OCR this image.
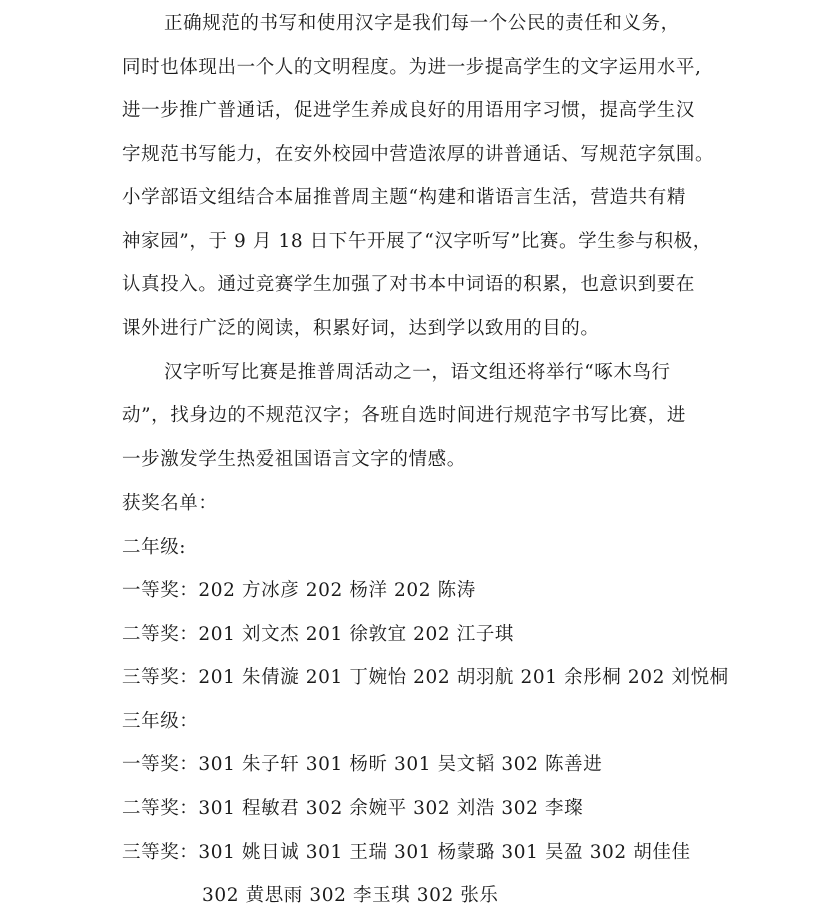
正确规范的书写和使用汉字是我们每一个公民的责任和义务，
同时也体现出一个人的文明程度。为进一步提高学生的文字运用水平,
进一步推广普通话，促进学生养成良好的用语用字习惯，提高学生汉
字规范书写能力，在安外校园中营造浓厚的讲普通话、写规范字氛围。
小学部语文组结合本届推普周主题“构建和谐语言生活，营造共有精
神家园”，于 9 月 18 日下午开展了“汉字听写”比赛。学生参与积极，
认真投入。通过竞赛学生加强了对书本中词语的积累，也意识到要在
课外进行广泛的阅读，积累好词，达到学以致用的目的。
汉字听写比赛是推普周活动之一，语文组还将举行“啄木鸟行
动”，找身边的不规范汉字；各班自选时间进行规范字书写比赛，进
一步激发学生热爱祖国语言文字的情感。
获奖名单：
二年级:
一等奖：202 方冰彦 202 杨洋 202 陈涛
二等奖：201 刘文杰 201 徐敦宜 202 江子琪
三等奖：201 朱倩漩 201 丁婉怡 202 胡羽航 201 余彤桐 202 刘悦桐
三年级：
一等奖：301 朱子轩 301 杨昕 301 吴文韬 302 陈善进
二等奖：301 程敏君 302 余婉平 302 刘浩 302 李璨
三等奖：301 姚日诚 301 王瑞 301 杨蒙璐 301 吴盈 302 胡佳佳
302 黄思雨 302 李玉琪 302 张乐
